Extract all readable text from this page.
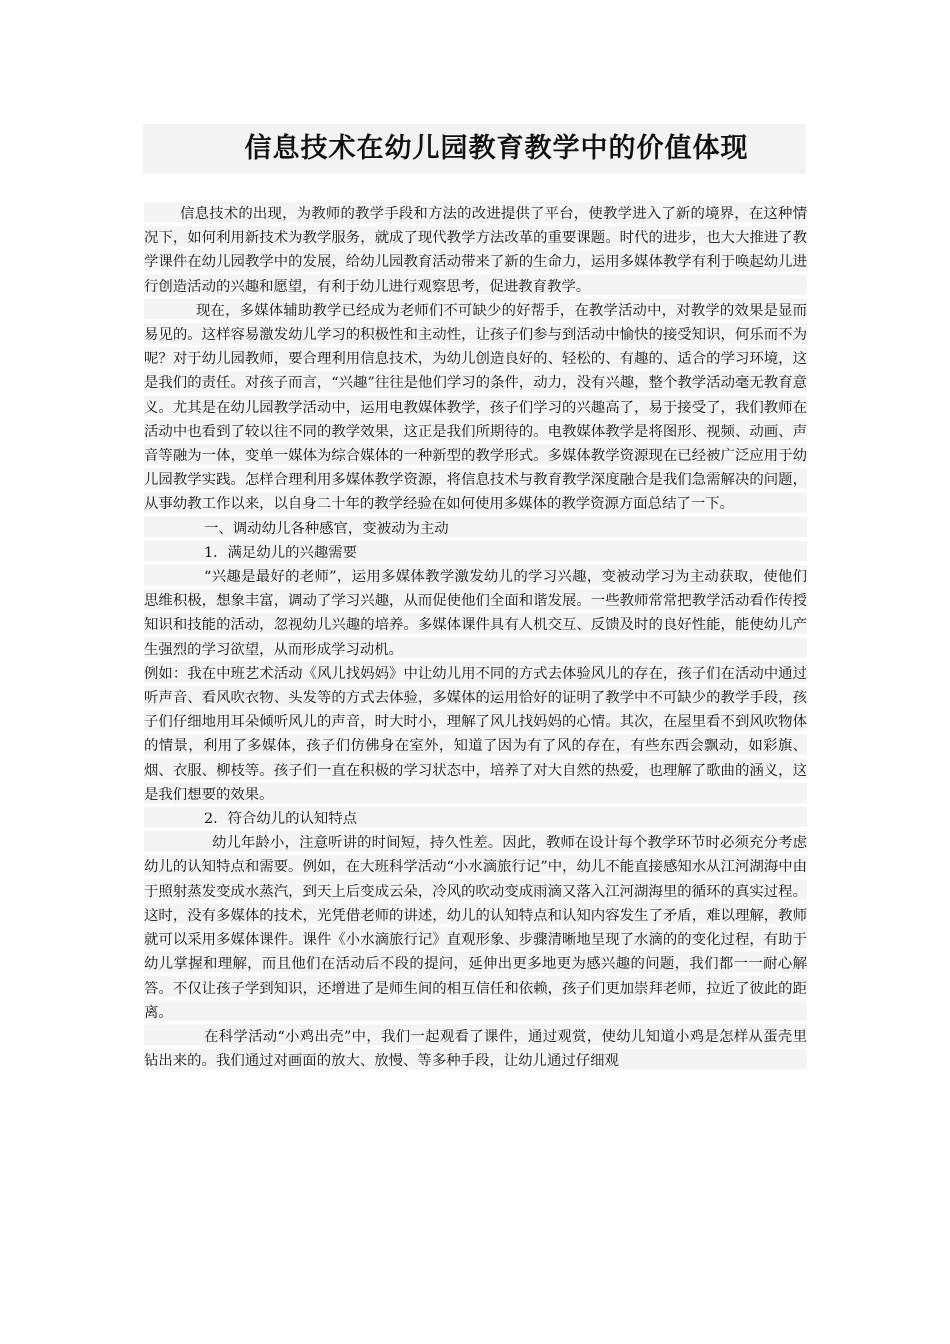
信息技术在幼儿园教育教学中的价值体现

信息技术的出现，为教师的教学手段和方法的改进提供了平台，使教学进入了新的境界，在这种情况下，如何利用新技术为教学服务，就成了现代教学方法改革的重要课题。时代的进步，也大大推进了教学课件在幼儿园教学中的发展，给幼儿园教育活动带来了新的生命力，运用多媒体教学有利于唤起幼儿进行创造活动的兴趣和愿望，有利于幼儿进行观察思考，促进教育教学。

现在，多媒体辅助教学已经成为老师们不可缺少的好帮手，在教学活动中，对教学的效果是显而易见的。这样容易激发幼儿学习的积极性和主动性，让孩子们参与到活动中愉快的接受知识，何乐而不为呢？对于幼儿园教师，要合理利用信息技术，为幼儿创造良好的、轻松的、有趣的、适合的学习环境，这是我们的责任。对孩子而言，“兴趣”往往是他们学习的条件，动力，没有兴趣，整个教学活动毫无教育意义。尤其是在幼儿园教学活动中，运用电教媒体教学，孩子们学习的兴趣高了，易于接受了，我们教师在活动中也看到了较以往不同的教学效果，这正是我们所期待的。电教媒体教学是将图形、视频、动画、声音等融为一体，变单一媒体为综合媒体的一种新型的教学形式。多媒体教学资源现在已经被广泛应用于幼儿园教学实践。怎样合理利用多媒体教学资源，将信息技术与教育教学深度融合是我们急需解决的问题，从事幼教工作以来，以自身二十年的教学经验在如何使用多媒体的教学资源方面总结了一下。

一、调动幼儿各种感官，变被动为主动

1．满足幼儿的兴趣需要

“兴趣是最好的老师”，运用多媒体教学激发幼儿的学习兴趣，变被动学习为主动获取，使他们思维积极，想象丰富，调动了学习兴趣，从而促使他们全面和谐发展。一些教师常常把教学活动看作传授知识和技能的活动，忽视幼儿兴趣的培养。多媒体课件具有人机交互、反馈及时的良好性能，能使幼儿产生强烈的学习欲望，从而形成学习动机。

例如：我在中班艺术活动《风儿找妈妈》中让幼儿用不同的方式去体验风儿的存在，孩子们在活动中通过听声音、看风吹衣物、头发等的方式去体验，多媒体的运用恰好的证明了教学中不可缺少的教学手段，孩子们仔细地用耳朵倾听风儿的声音，时大时小，理解了风儿找妈妈的心情。其次，在屋里看不到风吹物体的情景，利用了多媒体，孩子们仿佛身在室外，知道了因为有了风的存在，有些东西会飘动，如彩旗、烟、衣服、柳枝等。孩子们一直在积极的学习状态中，培养了对大自然的热爱，也理解了歌曲的涵义，这是我们想要的效果。

2．符合幼儿的认知特点

幼儿年龄小，注意听讲的时间短，持久性差。因此，教师在设计每个教学环节时必须充分考虑幼儿的认知特点和需要。例如，在大班科学活动“小水滴旅行记”中，幼儿不能直接感知水从江河湖海中由于照射蒸发变成水蒸汽，到天上后变成云朵，冷风的吹动变成雨滴又落入江河湖海里的循环的真实过程。这时，没有多媒体的技术，光凭借老师的讲述，幼儿的认知特点和认知内容发生了矛盾，难以理解，教师就可以采用多媒体课件。课件《小水滴旅行记》直观形象、步骤清晰地呈现了水滴的的变化过程，有助于幼儿掌握和理解，而且他们在活动后不段的提问，延伸出更多地更为感兴趣的问题，我们都一一耐心解答。不仅让孩子学到知识，还增进了是师生间的相互信任和依赖，孩子们更加崇拜老师，拉近了彼此的距离。

在科学活动“小鸡出壳”中，我们一起观看了课件，通过观赏，使幼儿知道小鸡是怎样从蛋壳里钻出来的。我们通过对画面的放大、放慢、等多种手段，让幼儿通过仔细观
